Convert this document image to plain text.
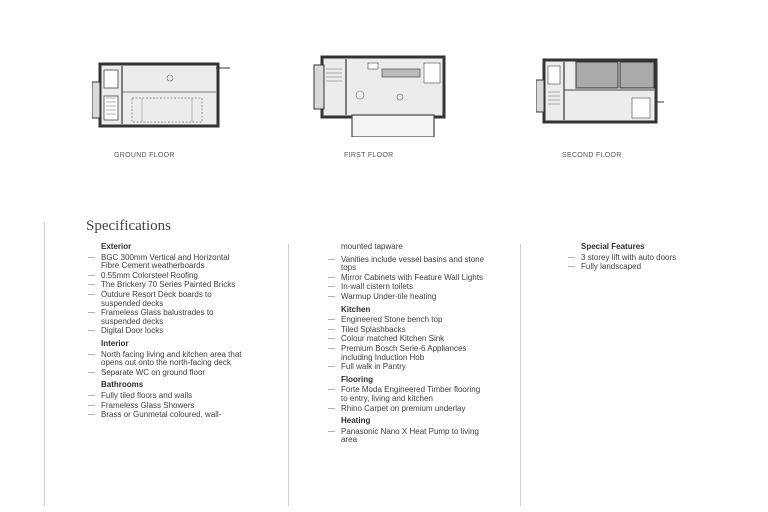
GROUND FLOOR	FIRST FLOOR	SECOND FLOOR
Specifications
Exterior
— BGC 300mm Vertical and Horizontal Fibre Cement weatherboards
— 0.55mm Colorsteel Roofing
— The Brickery 70 Series Painted Bricks
— Outdure Resort Deck boards to suspended decks
— Frameless Glass balustrades to suspended decks
— Digital Door locks
Interior
— North facing living and kitchen area that opens out onto the north-facing deck
— Separate WC on ground floor
Bathrooms
— Fully tiled floors and walls
— Frameless Glass Showers
— Brass or Gunmetal coloured, wall-
mounted tapware
— Vanities include vessel basins and stone tops
— Mirror Cabinets with Feature Wall Lights
— In-wall cistern toilets
— Warmup Under-tile heating
Kitchen
— Engineered Stone bench top
— Tiled Splashbacks
— Colour matched Kitchen Sink
— Premium Bosch Serie-6 Appliances including Induction Hob
— Full walk in Pantry
Flooring
— Forte Moda Engineered Timber flooring to entry, living and kitchen
— Rhino Carpet on premium underlay
Heating
— Panasonic Nano X Heat Pump to living area
Special Features
— 3 storey lift with auto doors
— Fully landscaped
